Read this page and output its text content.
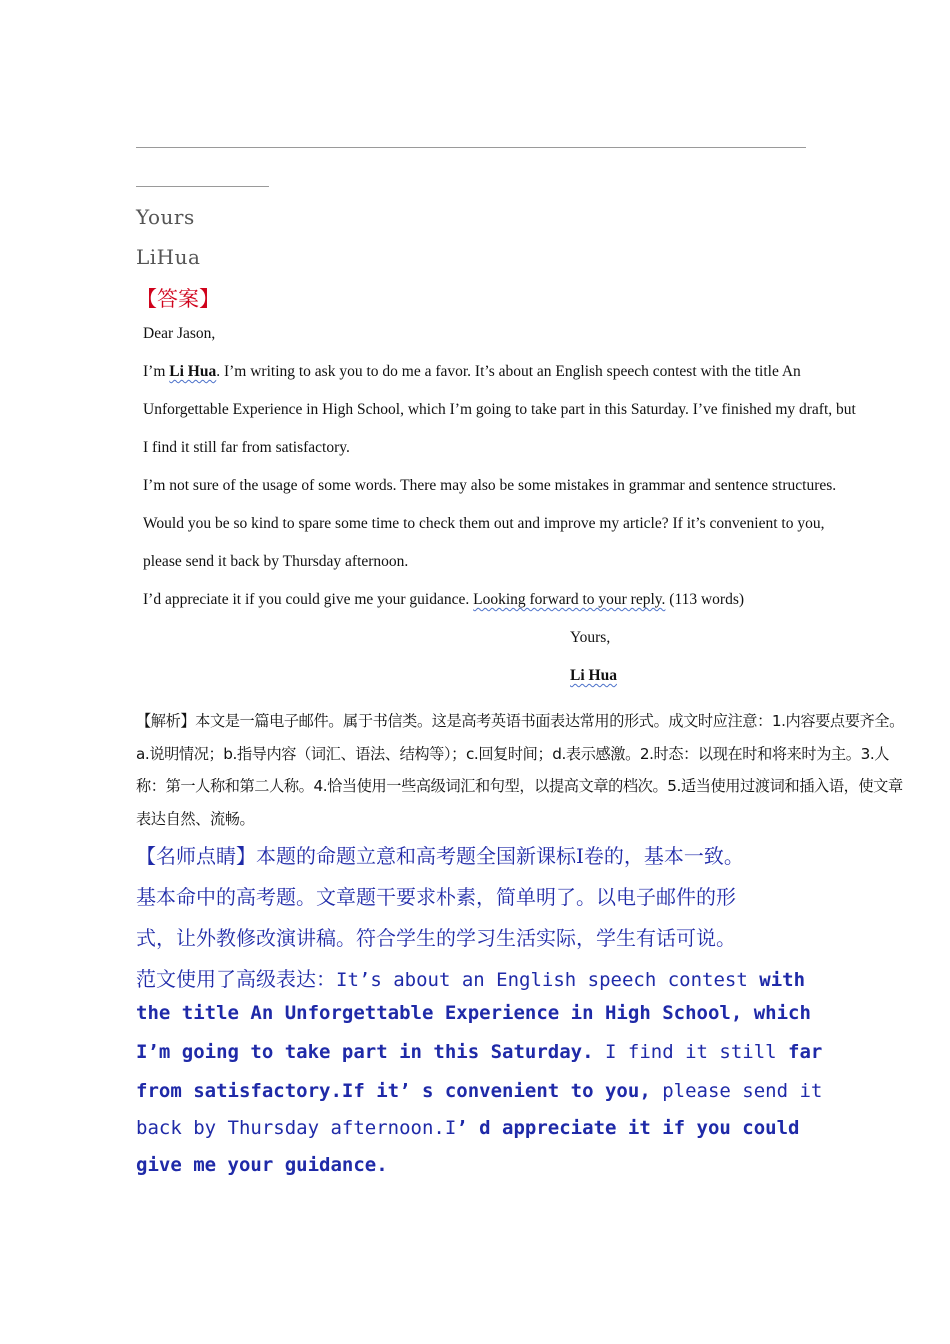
Yours
LiHua
【答案】
Dear Jason,
I’m Li Hua. I’m writing to ask you to do me a favor. It’s about an English speech contest with the title An
Unforgettable Experience in High School, which I’m going to take part in this Saturday. I’ve finished my draft, but
I find it still far from satisfactory.
I’m not sure of the usage of some words. There may also be some mistakes in grammar and sentence structures.
Would you be so kind to spare some time to check them out and improve my article? If it’s convenient to you,
please send it back by Thursday afternoon.
I’d appreciate it if you could give me your guidance. Looking forward to your reply. (113 words)
Yours,
Li Hua
【解析】本文是一篇电子邮件。属于书信类。这是高考英语书面表达常用的形式。成文时应注意：1.内容要点要齐全。a.说明情况；b.指导内容（词汇、语法、结构等）；c.回复时间；d.表示感激。2.时态：以现在时和将来时为主。3.人称：第一人称和第二人称。4.恰当使用一些高级词汇和句型，以提高文章的档次。5.适当使用过渡词和插入语，使文章表达自然、流畅。
【名师点睛】本题的命题立意和高考题全国新课标Ⅰ卷的，基本一致。
基本命中的高考题。文章题干要求朴素，简单明了。以电子邮件的形
式，让外教修改演讲稿。符合学生的学习生活实际，学生有话可说。
范文使用了高级表达：It’s about an English speech contest with
the title An Unforgettable Experience in High School, which
I’m going to take part in this Saturday. I find it still far
from satisfactory.If it’ s convenient to you, please send it
back by Thursday afternoon.I’ d appreciate it if you could
give me your guidance.
